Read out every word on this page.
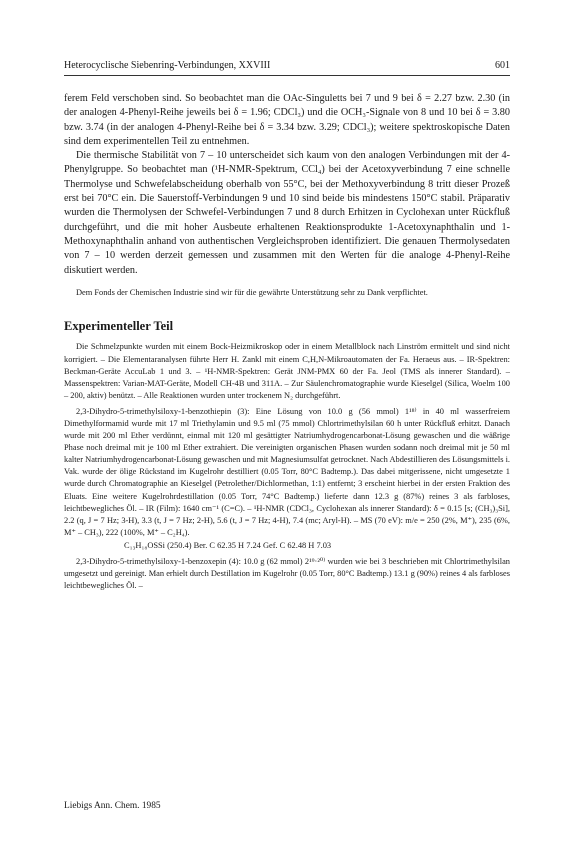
Heterocyclische Siebenring-Verbindungen, XXVIII	601

ferem Feld verschoben sind. So beobachtet man die OAc-Singuletts bei 7 und 9 bei δ = 2.27 bzw. 2.30 (in der analogen 4-Phenyl-Reihe jeweils bei δ = 1.96; CDCl₃) und die OCH₃-Signale von 8 und 10 bei δ = 3.80 bzw. 3.74 (in der analogen 4-Phenyl-Reihe bei δ = 3.34 bzw. 3.29; CDCl₃); weitere spektroskopische Daten sind dem experimentellen Teil zu entnehmen.

Die thermische Stabilität von 7 – 10 unterscheidet sich kaum von den analogen Verbindungen mit der 4-Phenylgruppe. So beobachtet man (¹H-NMR-Spektrum, CCl₄) bei der Acetoxyverbindung 7 eine schnelle Thermolyse und Schwefelabscheidung oberhalb von 55°C, bei der Methoxyverbindung 8 tritt dieser Prozeß erst bei 70°C ein. Die Sauerstoff-Verbindungen 9 und 10 sind beide bis mindestens 150°C stabil. Präparativ wurden die Thermolysen der Schwefel-Verbindungen 7 und 8 durch Erhitzen in Cyclohexan unter Rückfluß durchgeführt, und die mit hoher Ausbeute erhaltenen Reaktionsprodukte 1-Acetoxynaphthalin und 1-Methoxynaphthalin anhand von authentischen Vergleichsproben identifiziert. Die genauen Thermolysedaten von 7 – 10 werden derzeit gemessen und zusammen mit den Werten für die analoge 4-Phenyl-Reihe diskutiert werden.

Dem Fonds der Chemischen Industrie sind wir für die gewährte Unterstützung sehr zu Dank verpflichtet.

Experimenteller Teil

Die Schmelzpunkte wurden mit einem Bock-Heizmikroskop oder in einem Metallblock nach Linström ermittelt und sind nicht korrigiert. – Die Elementaranalysen führte Herr H. Zankl mit einem C,H,N-Mikroautomaten der Fa. Heraeus aus. – IR-Spektren: Beckman-Geräte AccuLab 1 und 3. – ¹H-NMR-Spektren: Gerät JNM-PMX 60 der Fa. Jeol (TMS als innerer Standard). – Massenspektren: Varian-MAT-Geräte, Modell CH-4B und 311A. – Zur Säulenchromatographie wurde Kieselgel (Silica, Woelm 100 – 200, aktiv) benützt. – Alle Reaktionen wurden unter trockenem N₂ durchgeführt.

2,3-Dihydro-5-trimethylsiloxy-1-benzothiepin (3): Eine Lösung von 10.0 g (56 mmol) 1¹⁸⁾ in 40 ml wasserfreiem Dimethylformamid wurde mit 17 ml Triethylamin und 9.5 ml (75 mmol) Chlortrimethylsilan 60 h unter Rückfluß erhitzt. Danach wurde mit 200 ml Ether verdünnt, einmal mit 120 ml gesättigter Natriumhydrogencarbonat-Lösung gewaschen und die wäßrige Phase noch dreimal mit je 100 ml Ether extrahiert. Die vereinigten organischen Phasen wurden sodann noch dreimal mit je 50 ml kalter Natriumhydrogencarbonat-Lösung gewaschen und mit Magnesiumsulfat getrocknet. Nach Abdestillieren des Lösungsmittels i. Vak. wurde der ölige Rückstand im Kugelrohr destilliert (0.05 Torr, 80°C Badtemp.). Das dabei mitgerissene, nicht umgesetzte 1 wurde durch Chromatographie an Kieselgel (Petrolether/Dichlormethan, 1:1) entfernt; 3 erscheint hierbei in der ersten Fraktion des Eluats. Eine weitere Kugelrohrdestillation (0.05 Torr, 74°C Badtemp.) lieferte dann 12.3 g (87%) reines 3 als farbloses, leichtbewegliches Öl. – IR (Film): 1640 cm⁻¹ (C=C). – ¹H-NMR (CDCl₃, Cyclohexan als innerer Standard): δ = 0.15 [s; (CH₃)₃Si], 2.2 (q, J = 7 Hz; 3-H), 3.3 (t, J = 7 Hz; 2-H), 5.6 (t, J = 7 Hz; 4-H), 7.4 (mc; Aryl-H). – MS (70 eV): m/e = 250 (2%, M⁺), 235 (6%, M⁺ – CH₃), 222 (100%, M⁺ – C₂H₄).

C₁₃H₁₈OSSi (250.4) Ber. C 62.35 H 7.24 Gef. C 62.48 H 7.03

2,3-Dihydro-5-trimethylsiloxy-1-benzoxepin (4): 10.0 g (62 mmol) 2¹⁹·²⁰⁾ wurden wie bei 3 beschrieben mit Chlortrimethylsilan umgesetzt und gereinigt. Man erhielt durch Destillation im Kugelrohr (0.05 Torr, 80°C Badtemp.) 13.1 g (90%) reines 4 als farbloses leichtbewegliches Öl. –

Liebigs Ann. Chem. 1985
